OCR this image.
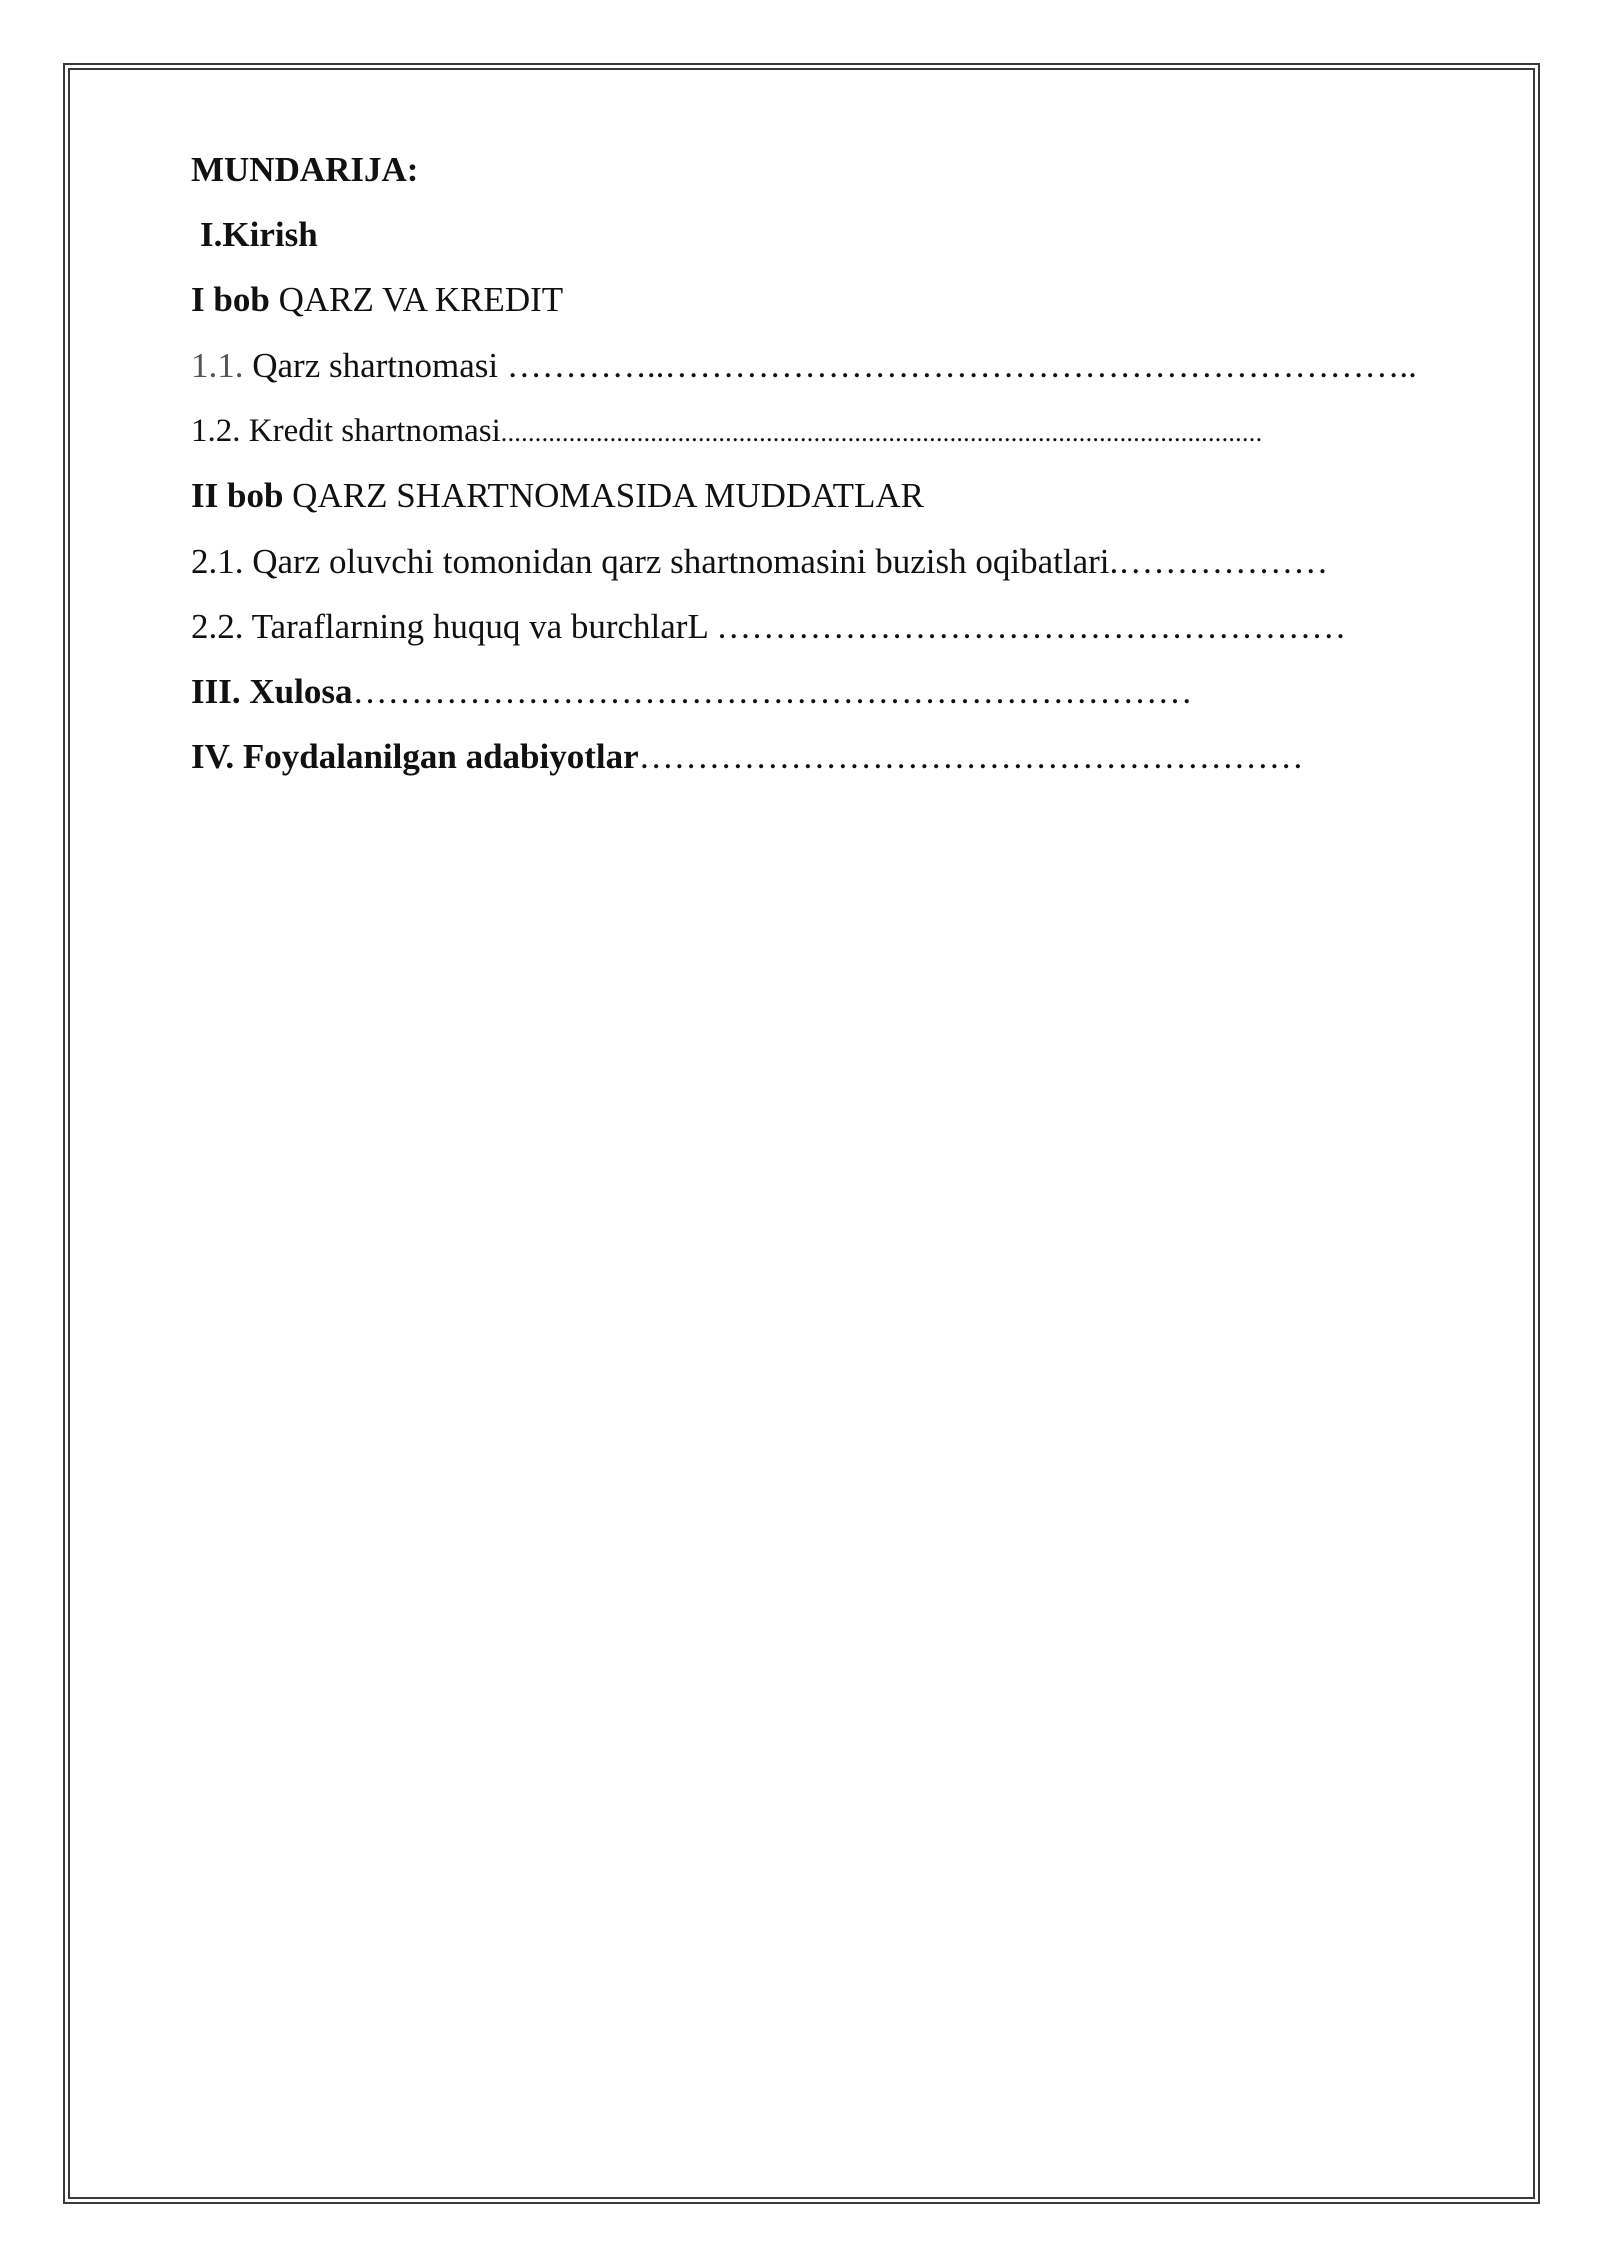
MUNDARIJA:
I.Kirish
I bob QARZ VA KREDIT
1.1. Qarz shartnomasi …………..………………………………………………………..
1.2. Kredit shartnomasi................................................................................................................
II bob QARZ SHARTNOMASIDA MUDDATLAR
2.1. Qarz oluvchi tomonidan qarz shartnomasini buzish oqibatlari.………………
2.2. Taraflarning huquq va burchlarL ………………………………………………
III. Xulosa………………………………………………………………
IV. Foydalanilgan adabiyotlar…………………………………………………
